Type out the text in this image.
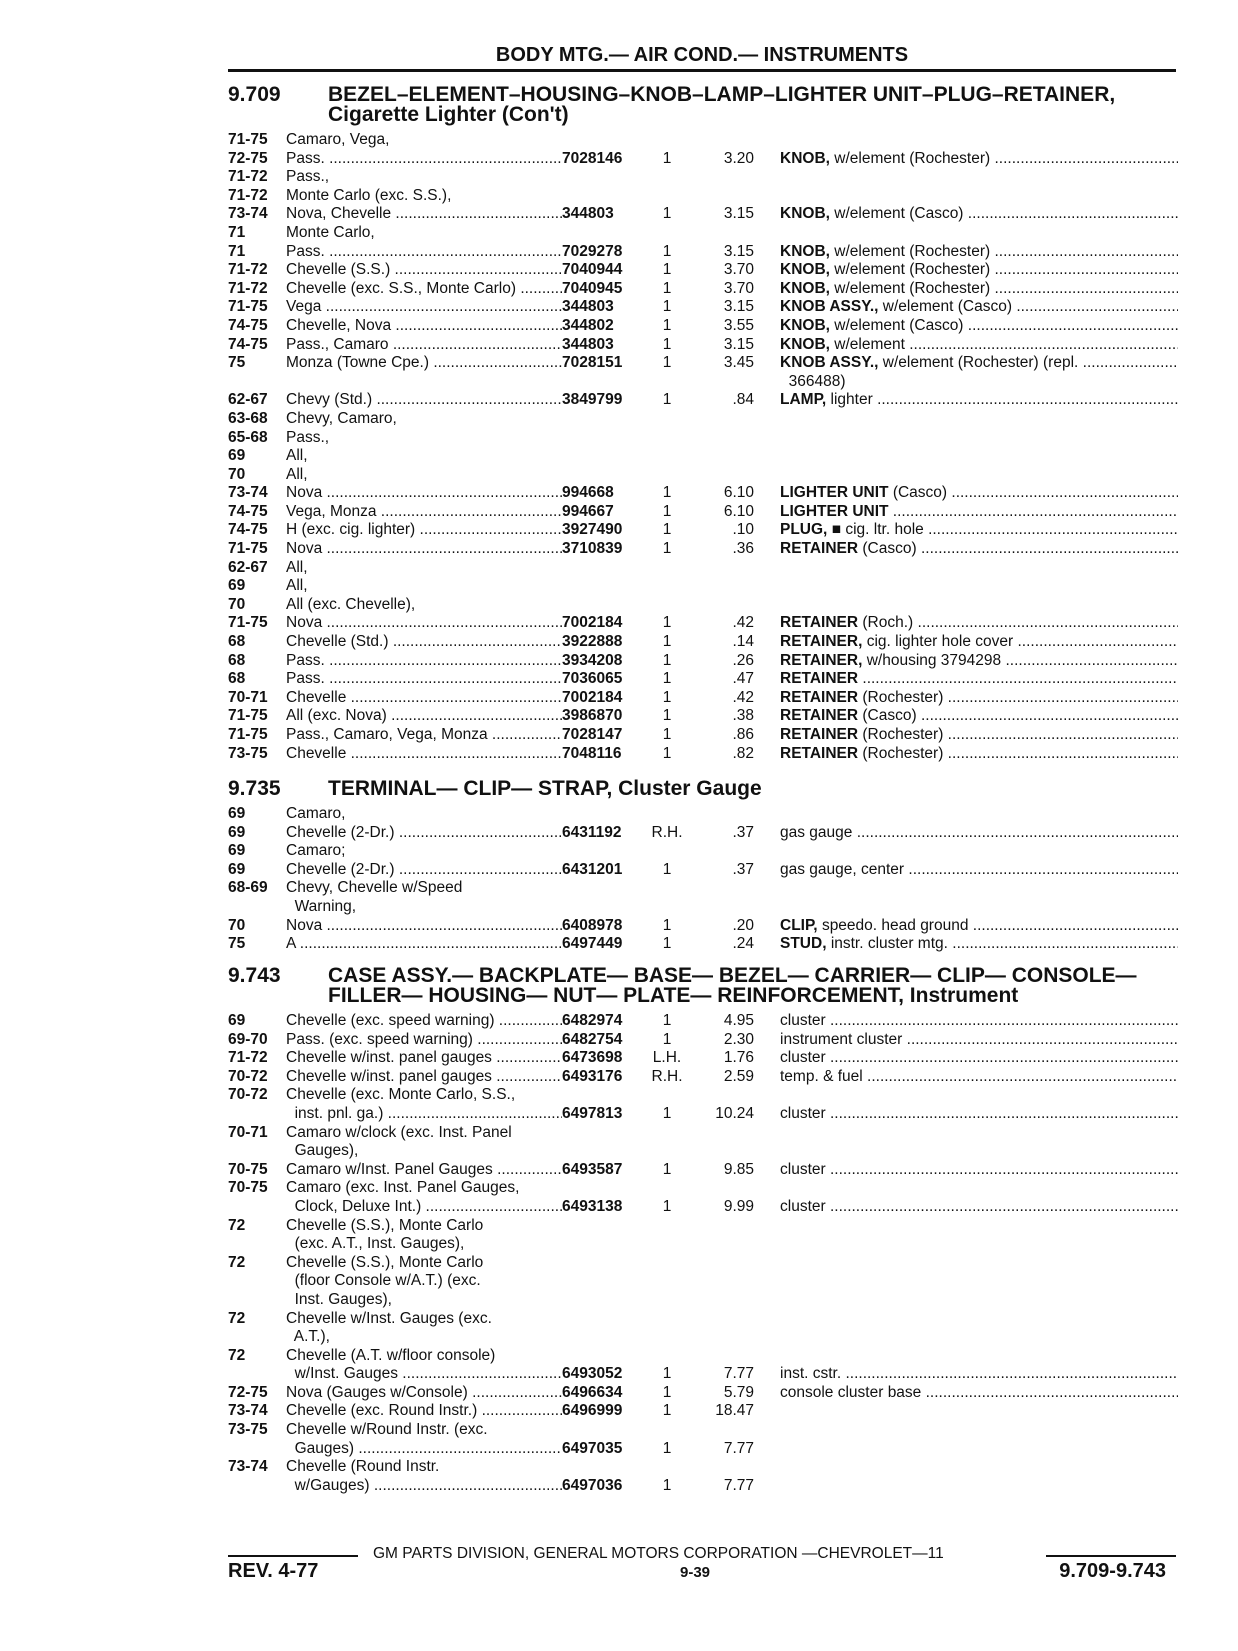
BODY MTG.— AIR COND.— INSTRUMENTS
9.709	BEZEL–ELEMENT–HOUSING–KNOB–LAMP–LIGHTER UNIT–PLUG–RETAINER, Cigarette Lighter (Con't)
71-75	Camaro, Vega,
72-75	Pass. .....	7028146	1	3.20 KNOB, w/element (Rochester) .....
71-72	Pass.,
71-72	Monte Carlo (exc. S.S.),
73-74	Nova, Chevelle .....	344803	1	3.15 KNOB, w/element (Casco) .....
71	Monte Carlo,
71	Pass. .....	7029278	1	3.15 KNOB, w/element (Rochester) .....
71-72	Chevelle (S.S.) .....	7040944	1	3.70 KNOB, w/element (Rochester) .....
71-72	Chevelle (exc. S.S., Monte Carlo) .....	7040945	1	3.70 KNOB, w/element (Rochester) .....
71-75	Vega .....	344803	1	3.15 KNOB ASSY., w/element (Casco) .....
74-75	Chevelle, Nova .....	344802	1	3.55 KNOB, w/element (Casco) .....
74-75	Pass., Camaro .....	344803	1	3.15 KNOB, w/element .....
75	Monza (Towne Cpe.) .....	7028151	1	3.45 KNOB ASSY., w/element (Rochester) (repl. .....
366488)
62-67	Chevy (Std.) .....	3849799	1	.84 LAMP, lighter .....
63-68	Chevy, Camaro,
65-68	Pass.,
69	All,
70	All,
73-74	Nova .....	994668	1	6.10 LIGHTER UNIT (Casco) .....
74-75	Vega, Monza .....	994667	1	6.10 LIGHTER UNIT .....
74-75	H (exc. cig. lighter) .....	3927490	1	.10 PLUG, ■ cig. ltr. hole .....
71-75	Nova .....	3710839	1	.36 RETAINER (Casco) .....
62-67	All,
69	All,
70	All (exc. Chevelle),
71-75	Nova .....	7002184	1	.42 RETAINER (Roch.) .....
68	Chevelle (Std.) .....	3922888	1	.14 RETAINER, cig. lighter hole cover .....
68	Pass. .....	3934208	1	.26 RETAINER, w/housing 3794298 .....
68	Pass. .....	7036065	1	.47 RETAINER .....
70-71	Chevelle .....	7002184	1	.42 RETAINER (Rochester) .....
71-75	All (exc. Nova) .....	3986870	1	.38 RETAINER (Casco) .....
71-75	Pass., Camaro, Vega, Monza .....	7028147	1	.86 RETAINER (Rochester) .....
73-75	Chevelle .....	7048116	1	.82 RETAINER (Rochester) .....
9.735	TERMINAL— CLIP— STRAP, Cluster Gauge
69	Camaro,
69	Chevelle (2-Dr.) .....	6431192	R.H.	.37 gas gauge .....
69	Camaro;
69	Chevelle (2-Dr.) .....	6431201	1	.37 gas gauge, center .....
68-69	Chevy, Chevelle w/Speed
Warning,
70	Nova .....	6408978	1	.20 CLIP, speedo. head ground .....
75	A .....	6497449	1	.24 STUD, instr. cluster mtg. .....
9.743	CASE ASSY.— BACKPLATE— BASE— BEZEL— CARRIER— CLIP— CONSOLE— FILLER— HOUSING— NUT— PLATE— REINFORCEMENT, Instrument
69	Chevelle (exc. speed warning) .....	6482974	1	4.95 cluster .....
69-70	Pass. (exc. speed warning) .....	6482754	1	2.30 instrument cluster .....
71-72	Chevelle w/inst. panel gauges .....	6473698	L.H.	1.76 cluster .....
70-72	Chevelle w/inst. panel gauges .....	6493176	R.H.	2.59 temp. & fuel .....
70-72	Chevelle (exc. Monte Carlo, S.S.,
inst. pnl. ga.) .....	6497813	1	10.24 cluster .....
70-71	Camaro w/clock (exc. Inst. Panel
Gauges),
70-75	Camaro w/Inst. Panel Gauges .....	6493587	1	9.85 cluster .....
70-75	Camaro (exc. Inst. Panel Gauges,
Clock, Deluxe Int.) .....	6493138	1	9.99 cluster .....
72	Chevelle (S.S.), Monte Carlo
(exc. A.T., Inst. Gauges),
72	Chevelle (S.S.), Monte Carlo
(floor Console w/A.T.) (exc.
Inst. Gauges),
72	Chevelle w/Inst. Gauges (exc.
A.T.),
72	Chevelle (A.T. w/floor console)
w/Inst. Gauges .....	6493052	1	7.77 inst. cstr. .....
72-75	Nova (Gauges w/Console) .....	6496634	1	5.79 console cluster base .....
73-74	Chevelle (exc. Round Instr.) .....	6496999	1	18.47
73-75	Chevelle w/Round Instr. (exc.
Gauges) .....	6497035	1	7.77
73-74	Chevelle (Round Instr.
w/Gauges) .....	6497036	1	7.77
GM PARTS DIVISION, GENERAL MOTORS CORPORATION —CHEVROLET—11
REV. 4-77	9-39	9.709-9.743
